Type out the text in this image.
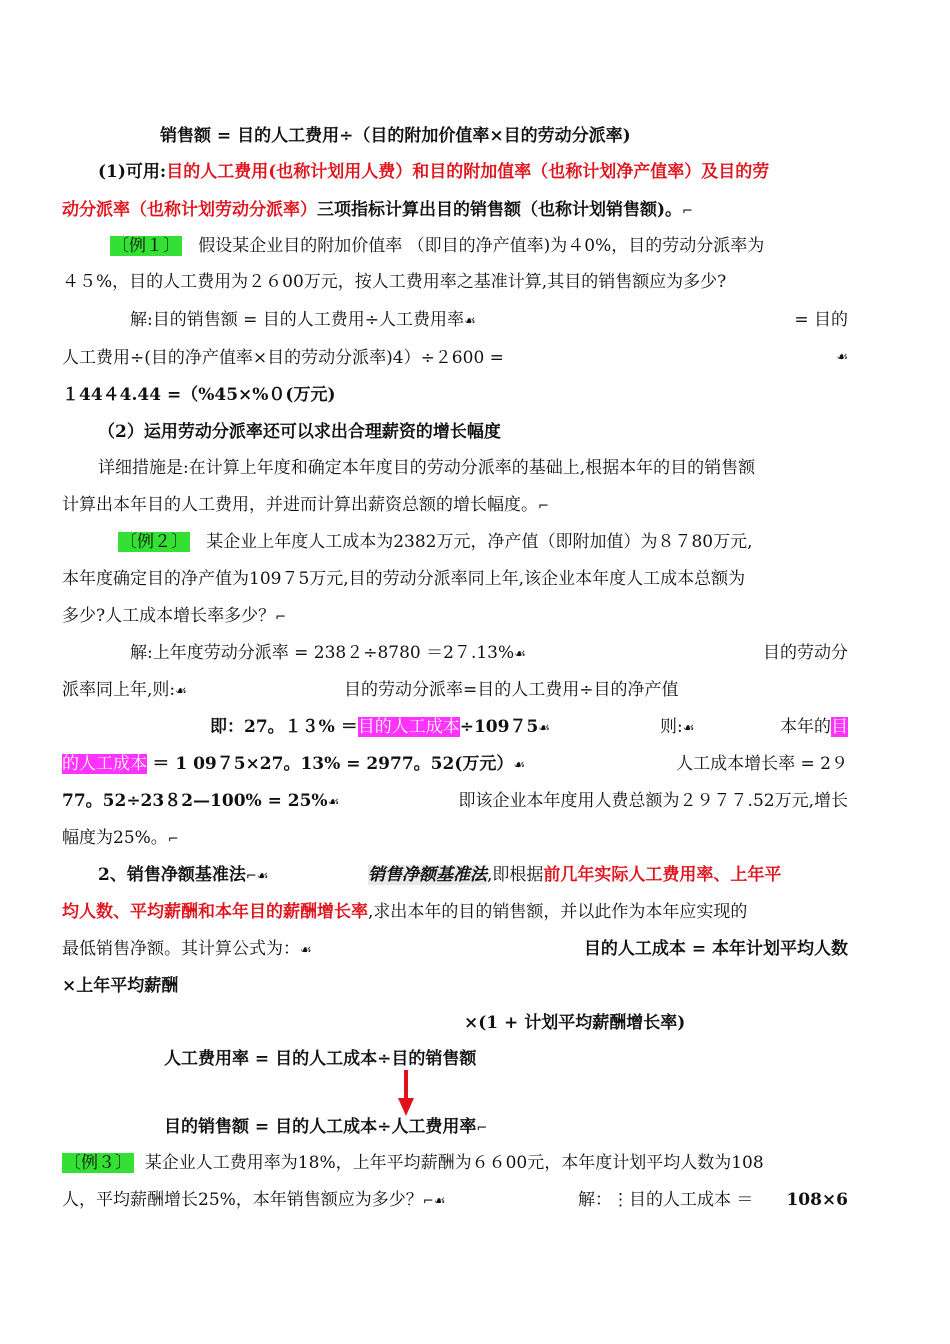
销售额 = 目的人工费用÷（目的附加价值率×目的劳动分派率)
(1)可用:目的人工费用(也称计划用人费）和目的附加值率（也称计划净产值率）及目的劳
动分派率（也称计划劳动分派率）三项指标计算出目的销售额（也称计划销售额)。⌐
〔例１〕 假设某企业目的附加价值率 （即目的净产值率)为４0%，目的劳动分派率为
４５%，目的人工费用为２６00万元，按人工费用率之基准计算,其目的销售额应为多少?
解:目的销售额 = 目的人工费用÷人工费用率☙	= 目的
人工费用÷(目的净产值率×目的劳动分派率)4）÷２600 =	☙
１44４4.44 =（%45×%０(万元)
（2）运用劳动分派率还可以求出合理薪资的增长幅度
详细措施是:在计算上年度和确定本年度目的劳动分派率的基础上,根据本年的目的销售额
计算出本年目的人工费用，并进而计算出薪资总额的增长幅度。⌐
〔例２〕 某企业上年度人工成本为2382万元，净产值（即附加值）为８７80万元,
本年度确定目的净产值为109７5万元,目的劳动分派率同上年,该企业本年度人工成本总额为
多少?人工成本增长率多少？⌐
解:上年度劳动分派率 = 238２÷8780 ＝2７.13%☙	目的劳动分
派率同上年,则:☙	目的劳动分派率=目的人工费用÷目的净产值
即：27。１３% ＝目的人工成本÷109７5☙	则:☙	本年的目
的人工成本 ＝ 1 09７5×27。13% = 2977。52(万元）☙	人工成本增长率 = 2９
77。52÷23８2—100% = 25%☙	即该企业本年度用人费总额为２９７７.52万元,增长
幅度为25%。⌐
2、销售净额基准法⌐☙	销售净额基准法,即根据前几年实际人工费用率、上年平
均人数、平均薪酬和本年目的薪酬增长率,求出本年的目的销售额，并以此作为本年应实现的
最低销售净额。其计算公式为：☙	目的人工成本 = 本年计划平均人数
×上年平均薪酬
×(1 + 计划平均薪酬增长率)
人工费用率 = 目的人工成本÷目的销售额
目的销售额 = 目的人工成本÷人工费用率⌐
〔例３〕 某企业人工费用率为18%，上年平均薪酬为６６00元，本年度计划平均人数为108
人，平均薪酬增长25%，本年销售额应为多少？⌐☙	解：⋮目的人工成本 ＝ 108×6
